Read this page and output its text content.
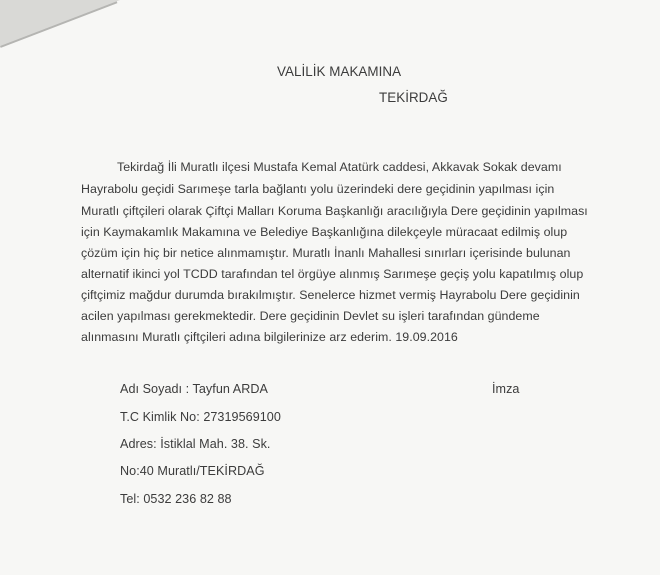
VALİLİK MAKAMINA
TEKİRDAĞ
Tekirdağ İli Muratlı ilçesi Mustafa Kemal Atatürk caddesi, Akkavak Sokak devamı
Hayrabolu geçidi Sarımeşe tarla bağlantı yolu üzerindeki dere geçidinin yapılması için
Muratlı çiftçileri olarak Çiftçi Malları Koruma Başkanlığı aracılığıyla Dere geçidinin yapılması
için Kaymakamlık Makamına ve Belediye Başkanlığına dilekçeyle müracaat edilmiş olup
çözüm için hiç bir netice alınmamıştır. Muratlı İnanlı Mahallesi sınırları içerisinde bulunan
alternatif ikinci yol TCDD tarafından tel örgüye alınmış Sarımeşe geçiş yolu kapatılmış olup
çiftçimiz mağdur durumda bırakılmıştır. Senelerce hizmet vermiş Hayrabolu Dere geçidinin
acilen yapılması gerekmektedir. Dere geçidinin Devlet su işleri tarafından gündeme
alınmasını Muratlı çiftçileri adına bilgilerinize arz ederim. 19.09.2016
Adı Soyadı : Tayfun ARDA	İmza
T.C Kimlik No: 27319569100
Adres: İstiklal Mah. 38. Sk.
No:40 Muratlı/TEKİRDAĞ
Tel: 0532 236 82 88
